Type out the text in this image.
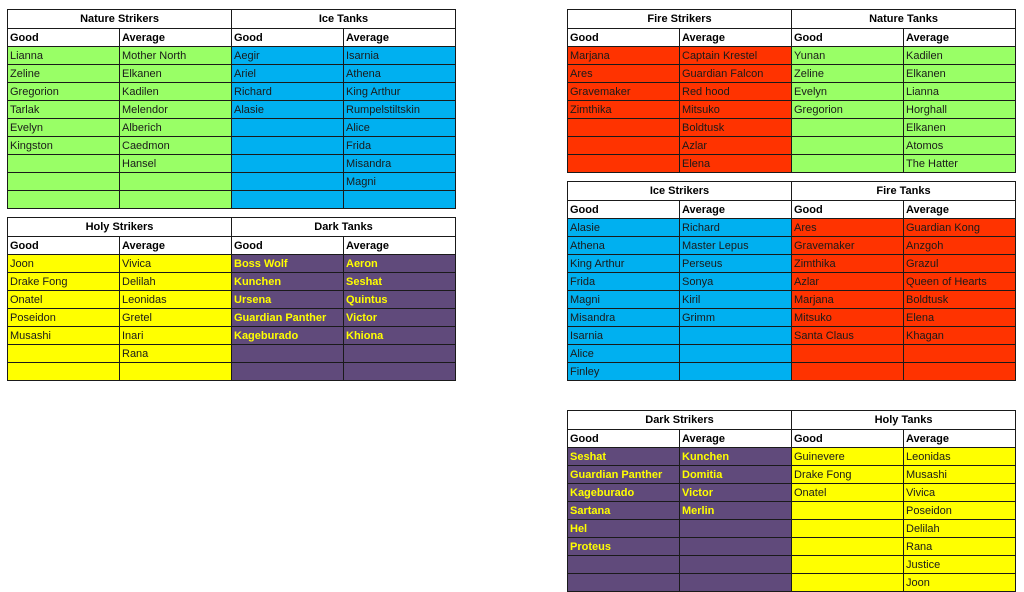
Nature Strikers		Ice Tanks	
Good	Average	Good	Average
Lianna	Mother North	Aegir	Isarnia
Zeline	Elkanen	Ariel	Athena
Gregorion	Kadilen	Richard	King Arthur
Tarlak	Melendor	Alasie	Rumpelstiltskin
Evelyn	Alberich		Alice
Kingston	Caedmon		Frida
	Hansel		Misandra
			Magni

Holy Strikers		Dark Tanks	
Good	Average	Good	Average
Joon	Vivica	Boss Wolf	Aeron
Drake Fong	Delilah	Kunchen	Seshat
Onatel	Leonidas	Ursena	Quintus
Poseidon	Gretel	Guardian Panther	Victor
Musashi	Inari	Kageburado	Khiona
	Rana		

Fire Strikers		Nature Tanks	
Good	Average	Good	Average
Marjana	Captain Krestel	Yunan	Kadilen
Ares	Guardian Falcon	Zeline	Elkanen
Gravemaker	Red hood	Evelyn	Lianna
Zimthika	Mitsuko	Gregorion	Horghall
	Boldtusk		Elkanen
	Azlar		Atomos
	Elena		The Hatter
Ice Strikers		Fire Tanks	
Good	Average	Good	Average
Alasie	Richard	Ares	Guardian Kong
Athena	Master Lepus	Gravemaker	Anzgoh
King Arthur	Perseus	Zimthika	Grazul
Frida	Sonya	Azlar	Queen of Hearts
Magni	Kiril	Marjana	Boldtusk
Misandra	Grimm	Mitsuko	Elena
Isarnia		Santa Claus	Khagan
Alice			
Finley			
Dark Strikers		Holy Tanks	
Good	Average	Good	Average
Seshat	Kunchen	Guinevere	Leonidas
Guardian Panther	Domitia	Drake Fong	Musashi
Kageburado	Victor	Onatel	Vivica
Sartana	Merlin		Poseidon
Hel			Delilah
Proteus			Rana
			Justice
			Joon
